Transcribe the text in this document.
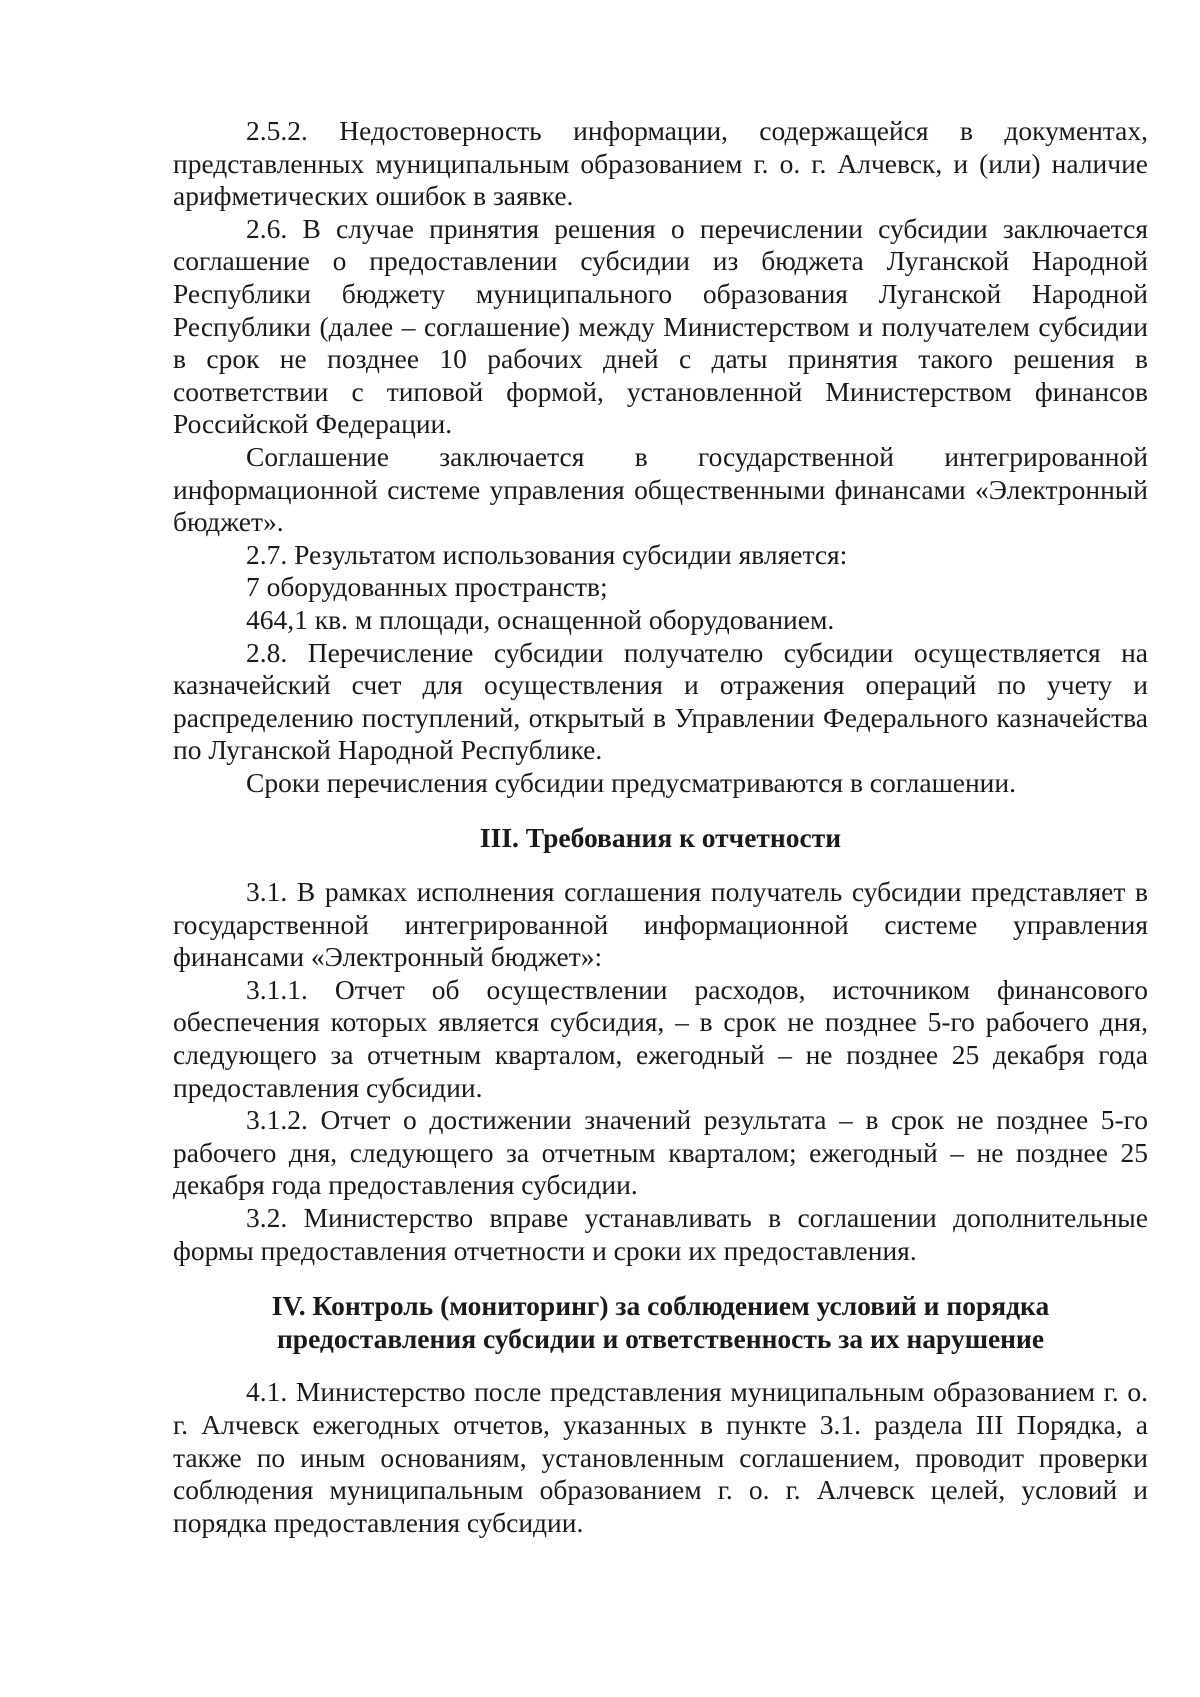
2.5.2. Недостоверность информации, содержащейся в документах, представленных муниципальным образованием г. о. г. Алчевск, и (или) наличие арифметических ошибок в заявке.

2.6. В случае принятия решения о перечислении субсидии заключается соглашение о предоставлении субсидии из бюджета Луганской Народной Республики бюджету муниципального образования Луганской Народной Республики (далее – соглашение) между Министерством и получателем субсидии в срок не позднее 10 рабочих дней с даты принятия такого решения в соответствии с типовой формой, установленной Министерством финансов Российской Федерации.

Соглашение заключается в государственной интегрированной информационной системе управления общественными финансами «Электронный бюджет».

2.7. Результатом использования субсидии является:

7 оборудованных пространств;

464,1 кв. м площади, оснащенной оборудованием.

2.8. Перечисление субсидии получателю субсидии осуществляется на казначейский счет для осуществления и отражения операций по учету и распределению поступлений, открытый в Управлении Федерального казначейства по Луганской Народной Республике.

Сроки перечисления субсидии предусматриваются в соглашении.

III. Требования к отчетности

3.1. В рамках исполнения соглашения получатель субсидии представляет в государственной интегрированной информационной системе управления финансами «Электронный бюджет»:

3.1.1. Отчет об осуществлении расходов, источником финансового обеспечения которых является субсидия, – в срок не позднее 5-го рабочего дня, следующего за отчетным кварталом, ежегодный – не позднее 25 декабря года предоставления субсидии.

3.1.2. Отчет о достижении значений результата – в срок не позднее 5-го рабочего дня, следующего за отчетным кварталом; ежегодный – не позднее 25 декабря года предоставления субсидии.

3.2. Министерство вправе устанавливать в соглашении дополнительные формы предоставления отчетности и сроки их предоставления.

IV. Контроль (мониторинг) за соблюдением условий и порядка
предоставления субсидии и ответственность за их нарушение

4.1. Министерство после представления муниципальным образованием г. о. г. Алчевск ежегодных отчетов, указанных в пункте 3.1. раздела III Порядка, а также по иным основаниям, установленным соглашением, проводит проверки соблюдения муниципальным образованием г. о. г. Алчевск целей, условий и порядка предоставления субсидии.
